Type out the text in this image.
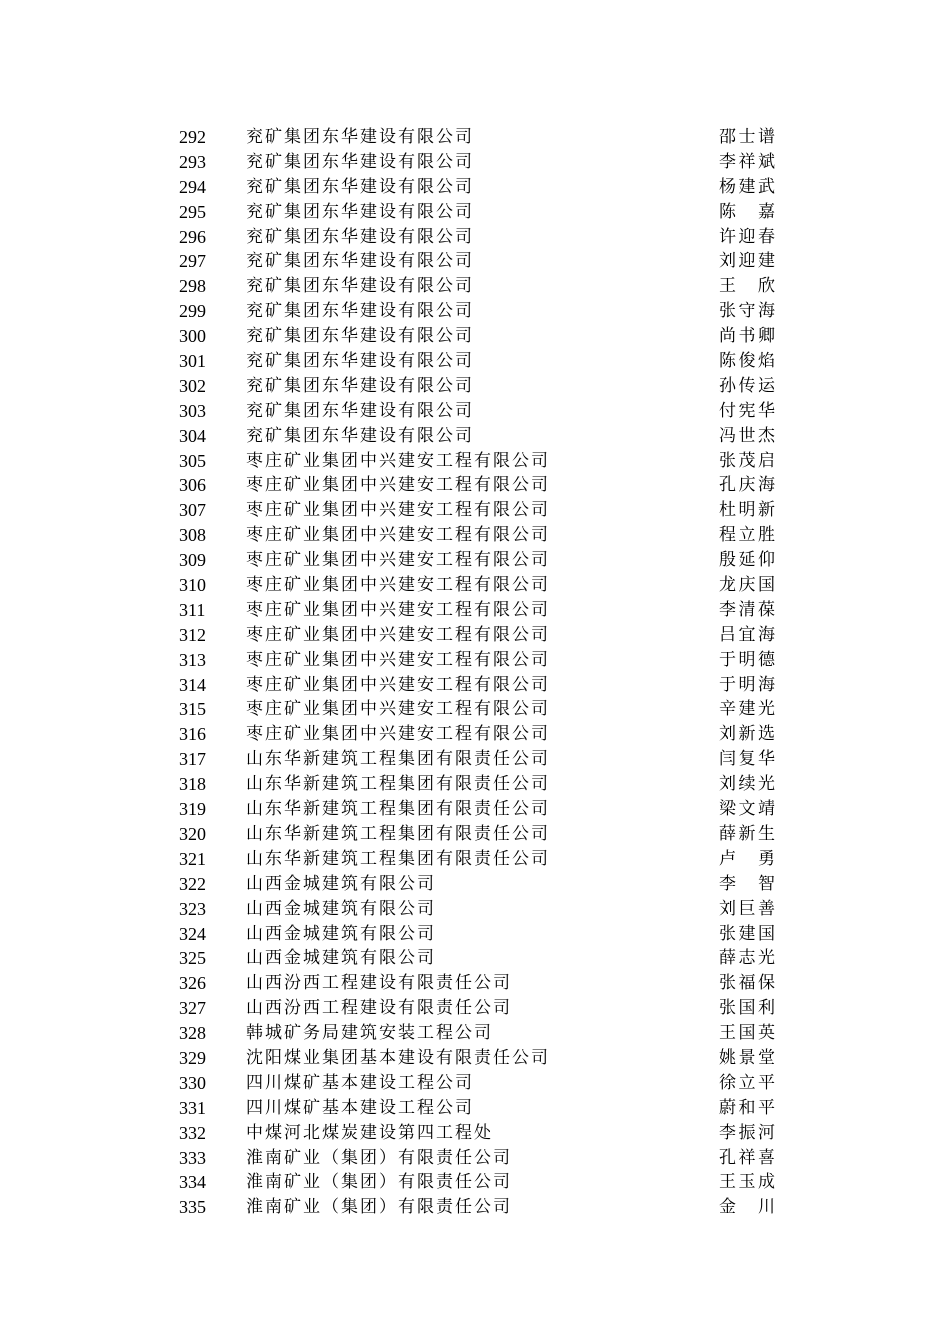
292	兖矿集团东华建设有限公司	邵士谱
293	兖矿集团东华建设有限公司	李祥斌
294	兖矿集团东华建设有限公司	杨建武
295	兖矿集团东华建设有限公司	陈 嘉
296	兖矿集团东华建设有限公司	许迎春
297	兖矿集团东华建设有限公司	刘迎建
298	兖矿集团东华建设有限公司	王 欣
299	兖矿集团东华建设有限公司	张守海
300	兖矿集团东华建设有限公司	尚书卿
301	兖矿集团东华建设有限公司	陈俊焰
302	兖矿集团东华建设有限公司	孙传运
303	兖矿集团东华建设有限公司	付宪华
304	兖矿集团东华建设有限公司	冯世杰
305	枣庄矿业集团中兴建安工程有限公司	张茂启
306	枣庄矿业集团中兴建安工程有限公司	孔庆海
307	枣庄矿业集团中兴建安工程有限公司	杜明新
308	枣庄矿业集团中兴建安工程有限公司	程立胜
309	枣庄矿业集团中兴建安工程有限公司	殷延仰
310	枣庄矿业集团中兴建安工程有限公司	龙庆国
311	枣庄矿业集团中兴建安工程有限公司	李清葆
312	枣庄矿业集团中兴建安工程有限公司	吕宜海
313	枣庄矿业集团中兴建安工程有限公司	于明德
314	枣庄矿业集团中兴建安工程有限公司	于明海
315	枣庄矿业集团中兴建安工程有限公司	辛建光
316	枣庄矿业集团中兴建安工程有限公司	刘新选
317	山东华新建筑工程集团有限责任公司	闫复华
318	山东华新建筑工程集团有限责任公司	刘续光
319	山东华新建筑工程集团有限责任公司	梁文靖
320	山东华新建筑工程集团有限责任公司	薛新生
321	山东华新建筑工程集团有限责任公司	卢 勇
322	山西金城建筑有限公司	李 智
323	山西金城建筑有限公司	刘巨善
324	山西金城建筑有限公司	张建国
325	山西金城建筑有限公司	薛志光
326	山西汾西工程建设有限责任公司	张福保
327	山西汾西工程建设有限责任公司	张国利
328	韩城矿务局建筑安装工程公司	王国英
329	沈阳煤业集团基本建设有限责任公司	姚景堂
330	四川煤矿基本建设工程公司	徐立平
331	四川煤矿基本建设工程公司	蔚和平
332	中煤河北煤炭建设第四工程处	李振河
333	淮南矿业（集团）有限责任公司	孔祥喜
334	淮南矿业（集团）有限责任公司	王玉成
335	淮南矿业（集团）有限责任公司	金 川
